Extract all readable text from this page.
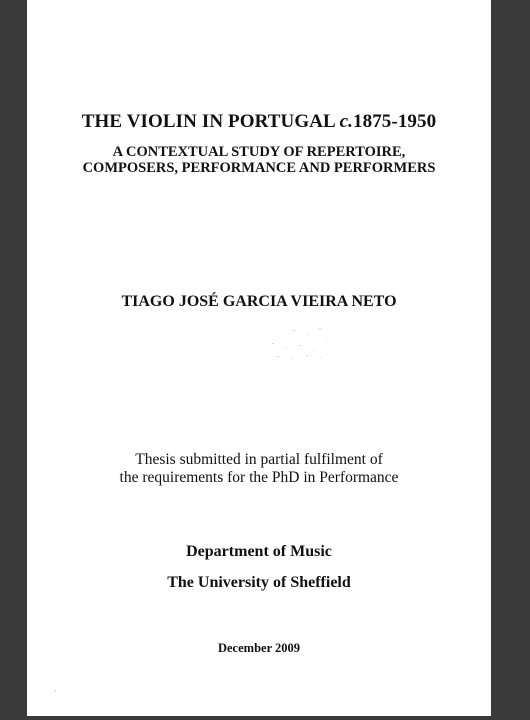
THE VIOLIN IN PORTUGAL c.1875-1950
A CONTEXTUAL STUDY OF REPERTOIRE,
COMPOSERS, PERFORMANCE AND PERFORMERS
TIAGO JOSÉ GARCIA VIEIRA NETO
Thesis submitted in partial fulfilment of
the requirements for the PhD in Performance
Department of Music
The University of Sheffield
December 2009
